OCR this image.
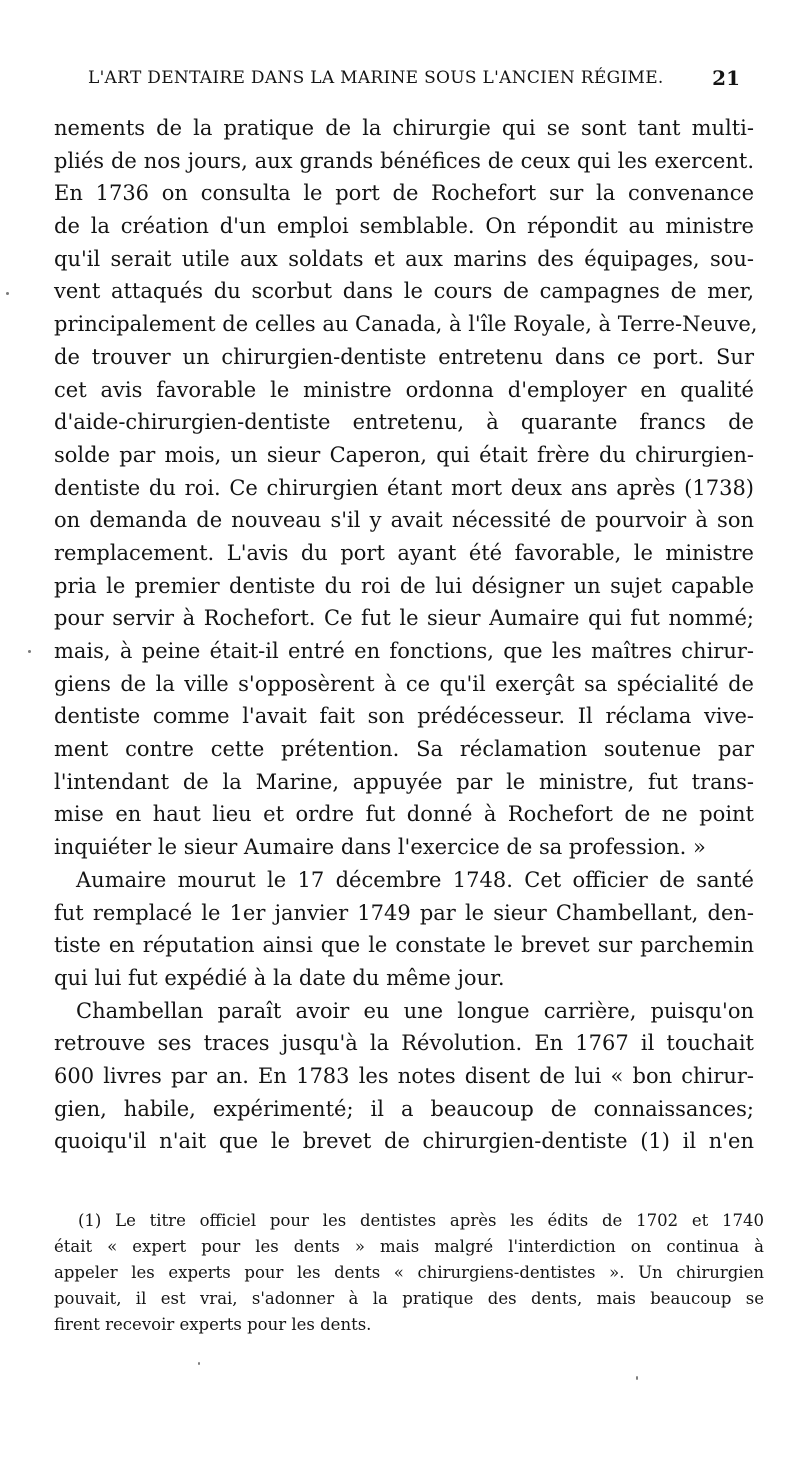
L'ART DENTAIRE DANS LA MARINE SOUS L'ANCIEN RÉGIME. 21
nements de la pratique de la chirurgie qui se sont tant multi-
pliés de nos jours, aux grands bénéfices de ceux qui les exercent.
En 1736 on consulta le port de Rochefort sur la convenance
de la création d'un emploi semblable. On répondit au ministre
qu'il serait utile aux soldats et aux marins des équipages, sou-
vent attaqués du scorbut dans le cours de campagnes de mer,
principalement de celles au Canada, à l'île Royale, à Terre-Neuve,
de trouver un chirurgien-dentiste entretenu dans ce port. Sur
cet avis favorable le ministre ordonna d'employer en qualité
d'aide-chirurgien-dentiste entretenu, à quarante francs de
solde par mois, un sieur Caperon, qui était frère du chirurgien-
dentiste du roi. Ce chirurgien étant mort deux ans après (1738)
on demanda de nouveau s'il y avait nécessité de pourvoir à son
remplacement. L'avis du port ayant été favorable, le ministre
pria le premier dentiste du roi de lui désigner un sujet capable
pour servir à Rochefort. Ce fut le sieur Aumaire qui fut nommé;
mais, à peine était-il entré en fonctions, que les maîtres chirur-
giens de la ville s'opposèrent à ce qu'il exerçât sa spécialité de
dentiste comme l'avait fait son prédécesseur. Il réclama vive-
ment contre cette prétention. Sa réclamation soutenue par
l'intendant de la Marine, appuyée par le ministre, fut trans-
mise en haut lieu et ordre fut donné à Rochefort de ne point
inquiéter le sieur Aumaire dans l'exercice de sa profession. »
Aumaire mourut le 17 décembre 1748. Cet officier de santé
fut remplacé le 1er janvier 1749 par le sieur Chambellant, den-
tiste en réputation ainsi que le constate le brevet sur parchemin
qui lui fut expédié à la date du même jour.
Chambellan paraît avoir eu une longue carrière, puisqu'on
retrouve ses traces jusqu'à la Révolution. En 1767 il touchait
600 livres par an. En 1783 les notes disent de lui « bon chirur-
gien, habile, expérimenté; il a beaucoup de connaissances;
quoiqu'il n'ait que le brevet de chirurgien-dentiste (1) il n'en
(1) Le titre officiel pour les dentistes après les édits de 1702 et 1740
était « expert pour les dents » mais malgré l'interdiction on continua à
appeler les experts pour les dents « chirurgiens-dentistes ». Un chirurgien
pouvait, il est vrai, s'adonner à la pratique des dents, mais beaucoup se
firent recevoir experts pour les dents.
